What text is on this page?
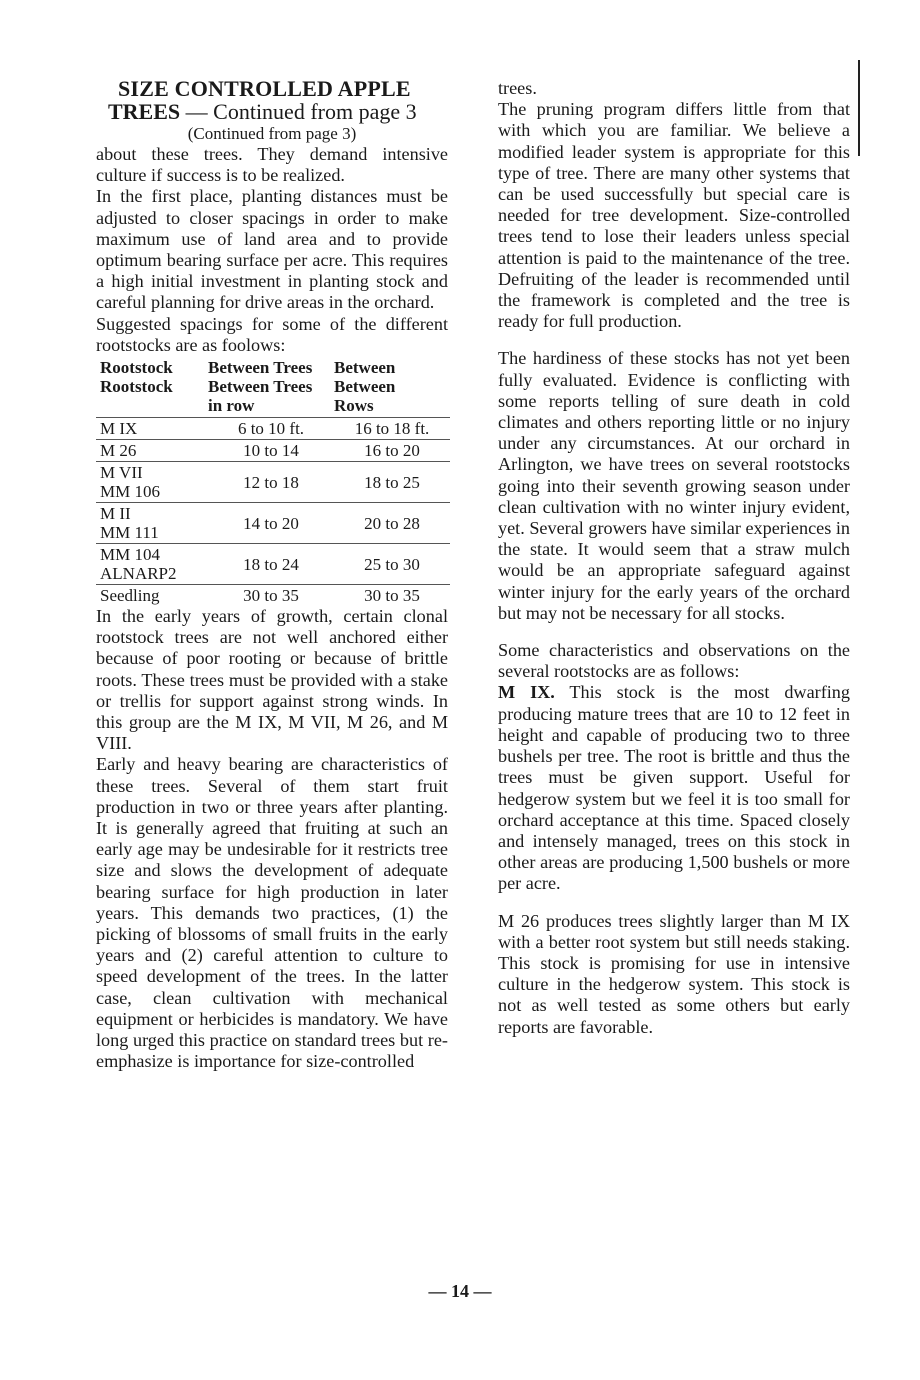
SIZE CONTROLLED APPLE
TREES — Continued from page 3
(Continued from page 3)

about these trees. They demand intensive culture if success is to be realized.

In the first place, planting distances must be adjusted to closer spacings in order to make maximum use of land area and to provide optimum bearing surface per acre. This requires a high initial investment in planting stock and careful planning for drive areas in the orchard.

Suggested spacings for some of the different rootstocks are as foolows:

Rootstock	Between Trees	Between
Rootstock	Between Trees	Between
	in row	Rows

M IX	6 to 10 ft.	16 to 18 ft.

M 26	10 to 14	16 to 20

M VII
MM 106	12 to 18	18 to 25

M II
MM 111	14 to 20	20 to 28

MM 104
ALNARP2	18 to 24	25 to 30

Seedling	30 to 35	30 to 35

In the early years of growth, certain clonal rootstock trees are not well anchored either because of poor rooting or because of brittle roots. These trees must be provided with a stake or trellis for support against strong winds. In this group are the M IX, M VII, M 26, and M VIII.

Early and heavy bearing are characteristics of these trees. Several of them start fruit production in two or three years after planting. It is generally agreed that fruiting at such an early age may be undesirable for it restricts tree size and slows the development of adequate bearing surface for high production in later years. This demands two practices, (1) the picking of blossoms of small fruits in the early years and (2) careful attention to culture to speed development of the trees. In the latter case, clean cultivation with mechanical equipment or herbicides is mandatory. We have long urged this practice on standard trees but re-emphasize is importance for size-controlled

trees.

The pruning program differs little from that with which you are familiar. We believe a modified leader system is appropriate for this type of tree. There are many other systems that can be used successfully but special care is needed for tree development. Size-controlled trees tend to lose their leaders unless special attention is paid to the maintenance of the tree. Defruiting of the leader is recommended until the framework is completed and the tree is ready for full production.

The hardiness of these stocks has not yet been fully evaluated. Evidence is conflicting with some reports telling of sure death in cold climates and others reporting little or no injury under any circumstances. At our orchard in Arlington, we have trees on several rootstocks going into their seventh growing season under clean cultivation with no winter injury evident, yet. Several growers have similar experiences in the state. It would seem that a straw mulch would be an appropriate safeguard against winter injury for the early years of the orchard but may not be necessary for all stocks.

Some characteristics and observations on the several rootstocks are as follows:

M IX. This stock is the most dwarfing producing mature trees that are 10 to 12 feet in height and capable of producing two to three bushels per tree. The root is brittle and thus the trees must be given support. Useful for hedgerow system but we feel it is too small for orchard acceptance at this time. Spaced closely and intensely managed, trees on this stock in other areas are producing 1,500 bushels or more per acre.

M 26 produces trees slightly larger than M IX with a better root system but still needs staking. This stock is promising for use in intensive culture in the hedgerow system. This stock is not as well tested as some others but early reports are favorable.

— 14 —
